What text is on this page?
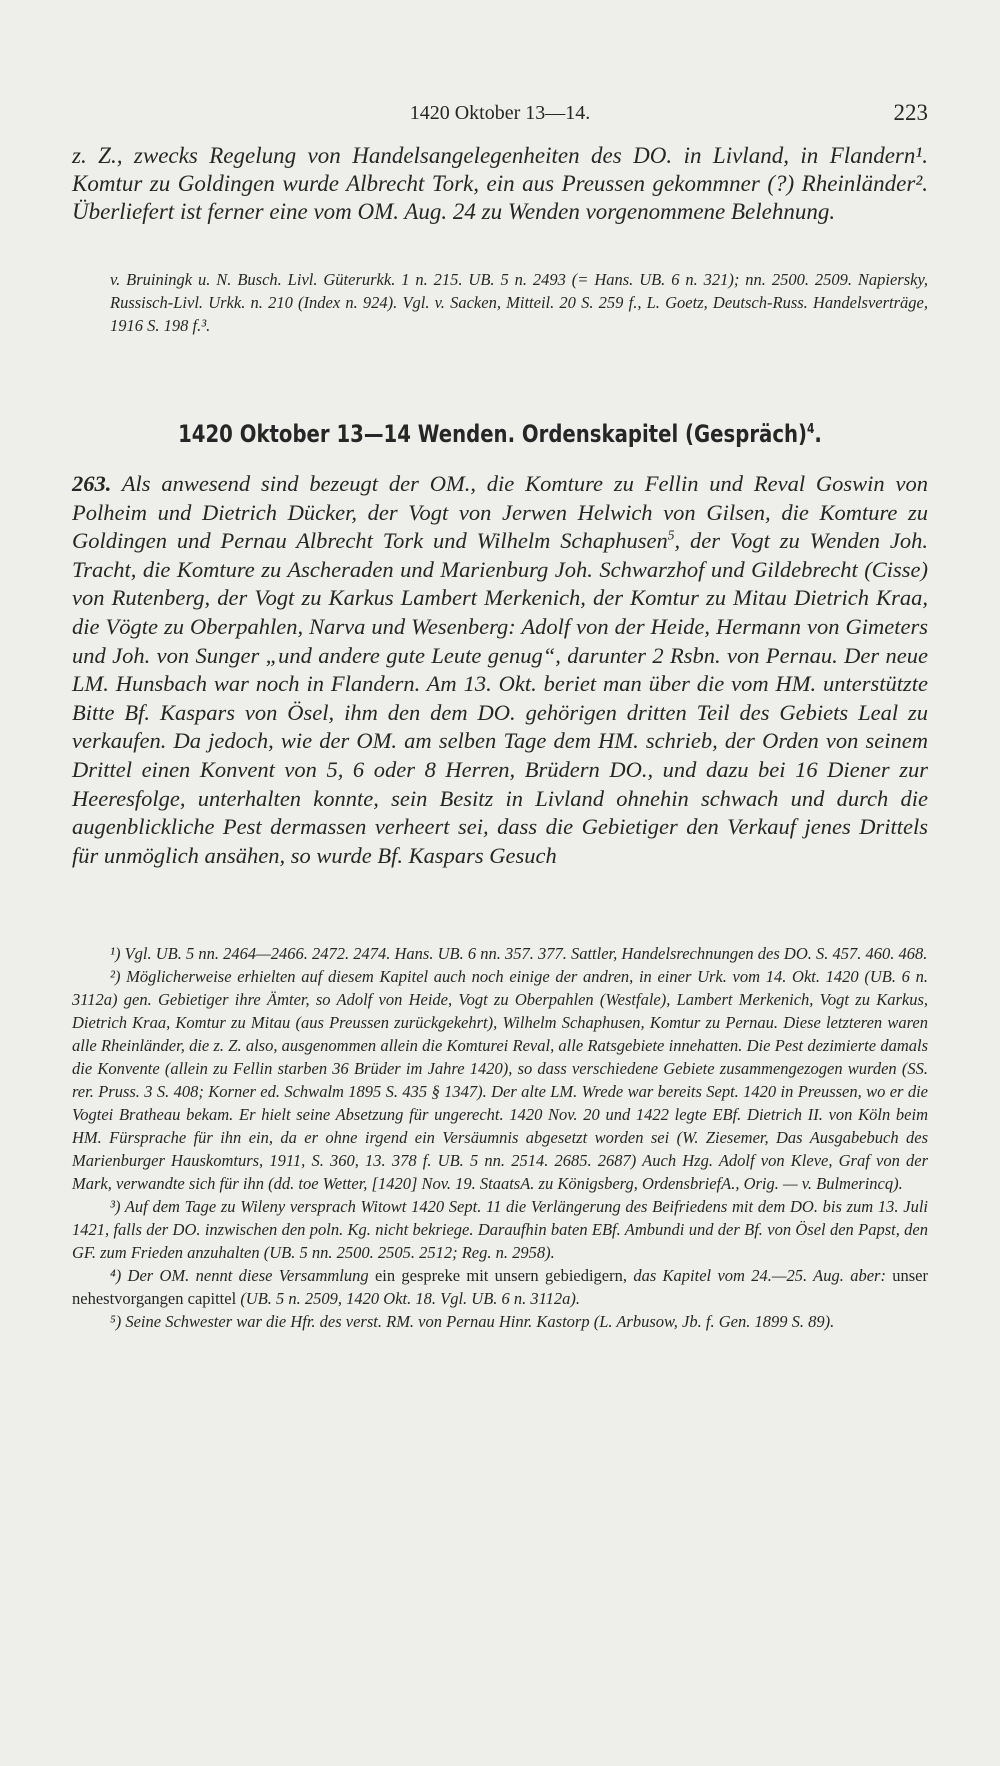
1420 Oktober 13—14.	223
z. Z., zwecks Regelung von Handelsangelegenheiten des DO. in Livland, in Flandern¹. Komtur zu Goldingen wurde Albrecht Tork, ein aus Preussen gekommner (?) Rheinländer². Überliefert ist ferner eine vom OM. Aug. 24 zu Wenden vorgenommene Belehnung.
v. Bruiningk u. N. Busch. Livl. Güterurkk. 1 n. 215. UB. 5 n. 2493 (= Hans. UB. 6 n. 321); nn. 2500. 2509. Napiersky, Russisch-Livl. Urkk. n. 210 (Index n. 924). Vgl. v. Sacken, Mitteil. 20 S. 259 f., L. Goetz, Deutsch-Russ. Handelsverträge, 1916 S. 198 f.³.
1420 Oktober 13—14 Wenden. Ordenskapitel (Gespräch)$^4$.
263. Als anwesend sind bezeugt der OM., die Komture zu Fellin und Reval Goswin von Polheim und Dietrich Dücker, der Vogt von Jerwen Helwich von Gilsen, die Komture zu Goldingen und Pernau Albrecht Tork und Wilhelm Schaphusen$^5$, der Vogt zu Wenden Joh. Tracht, die Komture zu Ascheraden und Marienburg Joh. Schwarzhof und Gildebrecht (Cisse) von Rutenberg, der Vogt zu Karkus Lambert Merkenich, der Komtur zu Mitau Dietrich Kraa, die Vögte zu Oberpahlen, Narva und Wesenberg: Adolf von der Heide, Hermann von Gimeters und Joh. von Sunger „und andere gute Leute genug“, darunter 2 Rsbn. von Pernau. Der neue LM. Hunsbach war noch in Flandern. Am 13. Okt. beriet man über die vom HM. unterstützte Bitte Bf. Kaspars von Ösel, ihm den dem DO. gehörigen dritten Teil des Gebiets Leal zu verkaufen. Da jedoch, wie der OM. am selben Tage dem HM. schrieb, der Orden von seinem Drittel einen Konvent von 5, 6 oder 8 Herren, Brüdern DO., und dazu bei 16 Diener zur Heeresfolge, unterhalten konnte, sein Besitz in Livland ohnehin schwach und durch die augenblickliche Pest dermassen verheert sei, dass die Gebietiger den Verkauf jenes Drittels für unmöglich ansähen, so wurde Bf. Kaspars Gesuch

¹) Vgl. UB. 5 nn. 2464—2466. 2472. 2474. Hans. UB. 6 nn. 357. 377. Sattler, Handelsrechnungen des DO. S. 457. 460. 468.

²) Möglicherweise erhielten auf diesem Kapitel auch noch einige der andren, in einer Urk. vom 14. Okt. 1420 (UB. 6 n. 3112a) gen. Gebietiger ihre Ämter, so Adolf von Heide, Vogt zu Oberpahlen (Westfale), Lambert Merkenich, Vogt zu Karkus, Dietrich Kraa, Komtur zu Mitau (aus Preussen zurückgekehrt), Wilhelm Schaphusen, Komtur zu Pernau. Diese letzteren waren alle Rheinländer, die z. Z. also, ausgenommen allein die Komturei Reval, alle Ratsgebiete innehatten. Die Pest dezimierte damals die Konvente (allein zu Fellin starben 36 Brüder im Jahre 1420), so dass verschiedene Gebiete zusammengezogen wurden (SS. rer. Pruss. 3 S. 408; Korner ed. Schwalm 1895 S. 435 § 1347). Der alte LM. Wrede war bereits Sept. 1420 in Preussen, wo er die Vogtei Bratheau bekam. Er hielt seine Absetzung für ungerecht. 1420 Nov. 20 und 1422 legte EBf. Dietrich II. von Köln beim HM. Fürsprache für ihn ein, da er ohne irgend ein Versäumnis abgesetzt worden sei (W. Ziesemer, Das Ausgabebuch des Marienburger Hauskomturs, 1911, S. 360, 13. 378 f. UB. 5 nn. 2514. 2685. 2687) Auch Hzg. Adolf von Kleve, Graf von der Mark, verwandte sich für ihn (dd. toe Wetter, [1420] Nov. 19. StaatsA. zu Königsberg, OrdensbriefA., Orig. — v. Bulmerincq).

³) Auf dem Tage zu Wileny versprach Witowt 1420 Sept. 11 die Verlängerung des Beifriedens mit dem DO. bis zum 13. Juli 1421, falls der DO. inzwischen den poln. Kg. nicht bekriege. Daraufhin baten EBf. Ambundi und der Bf. von Ösel den Papst, den GF. zum Frieden anzuhalten (UB. 5 nn. 2500. 2505. 2512; Reg. n. 2958).

⁴) Der OM. nennt diese Versammlung ein gespreke mit unsern gebiedigern, das Kapitel vom 24.—25. Aug. aber: unser nehestvorgangen capittel (UB. 5 n. 2509, 1420 Okt. 18. Vgl. UB. 6 n. 3112a).

⁵) Seine Schwester war die Hfr. des verst. RM. von Pernau Hinr. Kastorp (L. Arbusow, Jb. f. Gen. 1899 S. 89).
